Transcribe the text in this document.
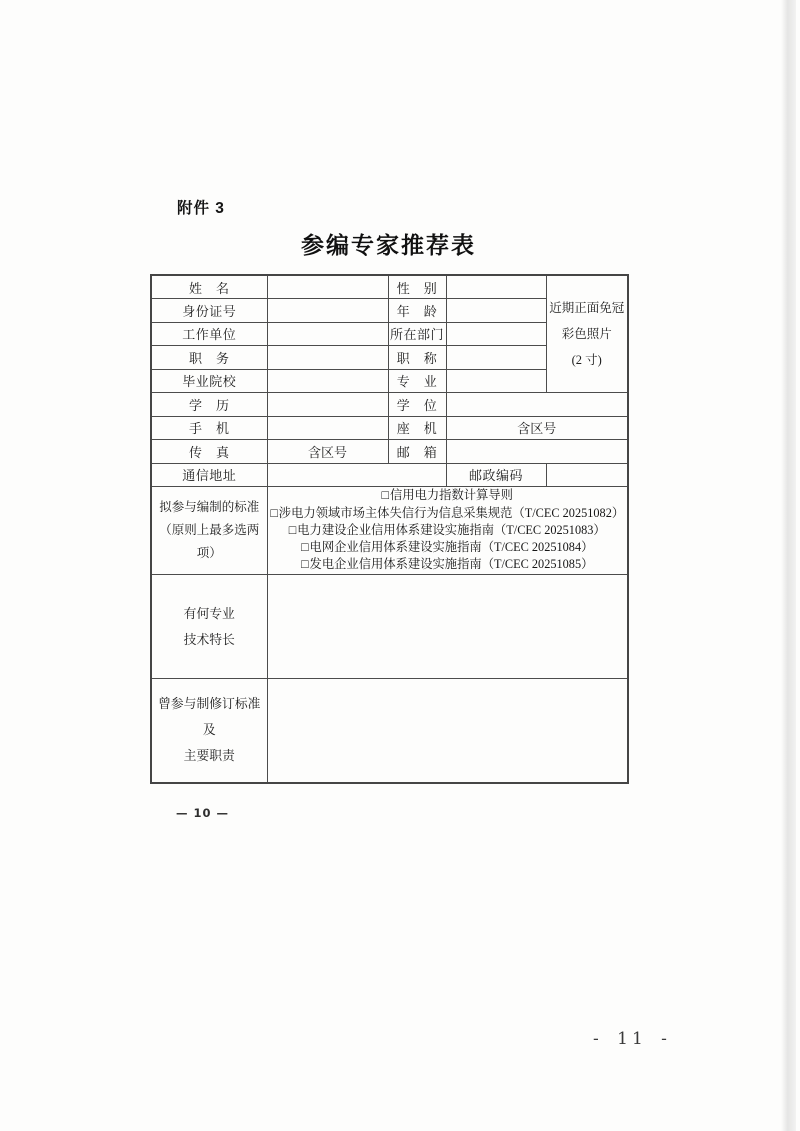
附件 3
参编专家推荐表
姓　名		性　别		近期正面免冠
彩色照片
(2 寸)

身份证号		年　龄		
工作单位		所在部门		
职　务		职　称		
毕业院校		专　业		
学　历		学　位		
手　机		座　机	含区号	
传　真	含区号	邮　箱		
通信地址			邮政编码	

拟参与编制的标准
（原则上最多选两项）

□信用电力指数计算导则
□涉电力领域市场主体失信行为信息采集规范（T/CEC 20251082）
□电力建设企业信用体系建设实施指南（T/CEC 20251083）
□电网企业信用体系建设实施指南（T/CEC 20251084）
□发电企业信用体系建设实施指南（T/CEC 20251085）

有何专业
技术特长				

曾参与制修订标准及
主要职责				

— 10 —
- 11 -
